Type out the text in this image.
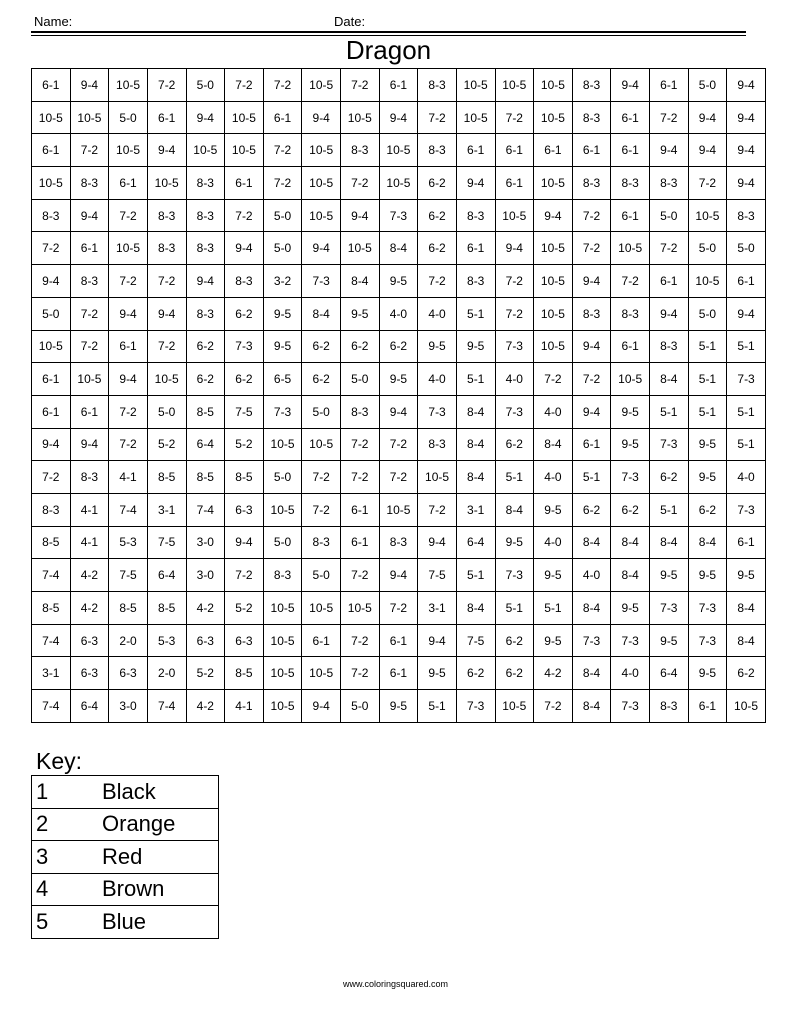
Name:	Date:
Dragon
6-1	9-4	10-5	7-2	5-0	7-2	7-2	10-5	7-2	6-1	8-3	10-5	10-5	10-5	8-3	9-4	6-1	5-0	9-4
10-5	10-5	5-0	6-1	9-4	10-5	6-1	9-4	10-5	9-4	7-2	10-5	7-2	10-5	8-3	6-1	7-2	9-4	9-4
6-1	7-2	10-5	9-4	10-5	10-5	7-2	10-5	8-3	10-5	8-3	6-1	6-1	6-1	6-1	6-1	9-4	9-4	9-4
10-5	8-3	6-1	10-5	8-3	6-1	7-2	10-5	7-2	10-5	6-2	9-4	6-1	10-5	8-3	8-3	8-3	7-2	9-4
8-3	9-4	7-2	8-3	8-3	7-2	5-0	10-5	9-4	7-3	6-2	8-3	10-5	9-4	7-2	6-1	5-0	10-5	8-3
7-2	6-1	10-5	8-3	8-3	9-4	5-0	9-4	10-5	8-4	6-2	6-1	9-4	10-5	7-2	10-5	7-2	5-0	5-0
9-4	8-3	7-2	7-2	9-4	8-3	3-2	7-3	8-4	9-5	7-2	8-3	7-2	10-5	9-4	7-2	6-1	10-5	6-1
5-0	7-2	9-4	9-4	8-3	6-2	9-5	8-4	9-5	4-0	4-0	5-1	7-2	10-5	8-3	8-3	9-4	5-0	9-4
10-5	7-2	6-1	7-2	6-2	7-3	9-5	6-2	6-2	6-2	9-5	9-5	7-3	10-5	9-4	6-1	8-3	5-1	5-1
6-1	10-5	9-4	10-5	6-2	6-2	6-5	6-2	5-0	9-5	4-0	5-1	4-0	7-2	7-2	10-5	8-4	5-1	7-3
6-1	6-1	7-2	5-0	8-5	7-5	7-3	5-0	8-3	9-4	7-3	8-4	7-3	4-0	9-4	9-5	5-1	5-1	5-1
9-4	9-4	7-2	5-2	6-4	5-2	10-5	10-5	7-2	7-2	8-3	8-4	6-2	8-4	6-1	9-5	7-3	9-5	5-1
7-2	8-3	4-1	8-5	8-5	8-5	5-0	7-2	7-2	7-2	10-5	8-4	5-1	4-0	5-1	7-3	6-2	9-5	4-0
8-3	4-1	7-4	3-1	7-4	6-3	10-5	7-2	6-1	10-5	7-2	3-1	8-4	9-5	6-2	6-2	5-1	6-2	7-3
8-5	4-1	5-3	7-5	3-0	9-4	5-0	8-3	6-1	8-3	9-4	6-4	9-5	4-0	8-4	8-4	8-4	8-4	6-1
7-4	4-2	7-5	6-4	3-0	7-2	8-3	5-0	7-2	9-4	7-5	5-1	7-3	9-5	4-0	8-4	9-5	9-5	9-5
8-5	4-2	8-5	8-5	4-2	5-2	10-5	10-5	10-5	7-2	3-1	8-4	5-1	5-1	8-4	9-5	7-3	7-3	8-4
7-4	6-3	2-0	5-3	6-3	6-3	10-5	6-1	7-2	6-1	9-4	7-5	6-2	9-5	7-3	7-3	9-5	7-3	8-4
3-1	6-3	6-3	2-0	5-2	8-5	10-5	10-5	7-2	6-1	9-5	6-2	6-2	4-2	8-4	4-0	6-4	9-5	6-2
7-4	6-4	3-0	7-4	4-2	4-1	10-5	9-4	5-0	9-5	5-1	7-3	10-5	7-2	8-4	7-3	8-3	6-1	10-5
Key:
1	Black
2	Orange
3	Red
4	Brown
5	Blue
www.coloringsquared.com
